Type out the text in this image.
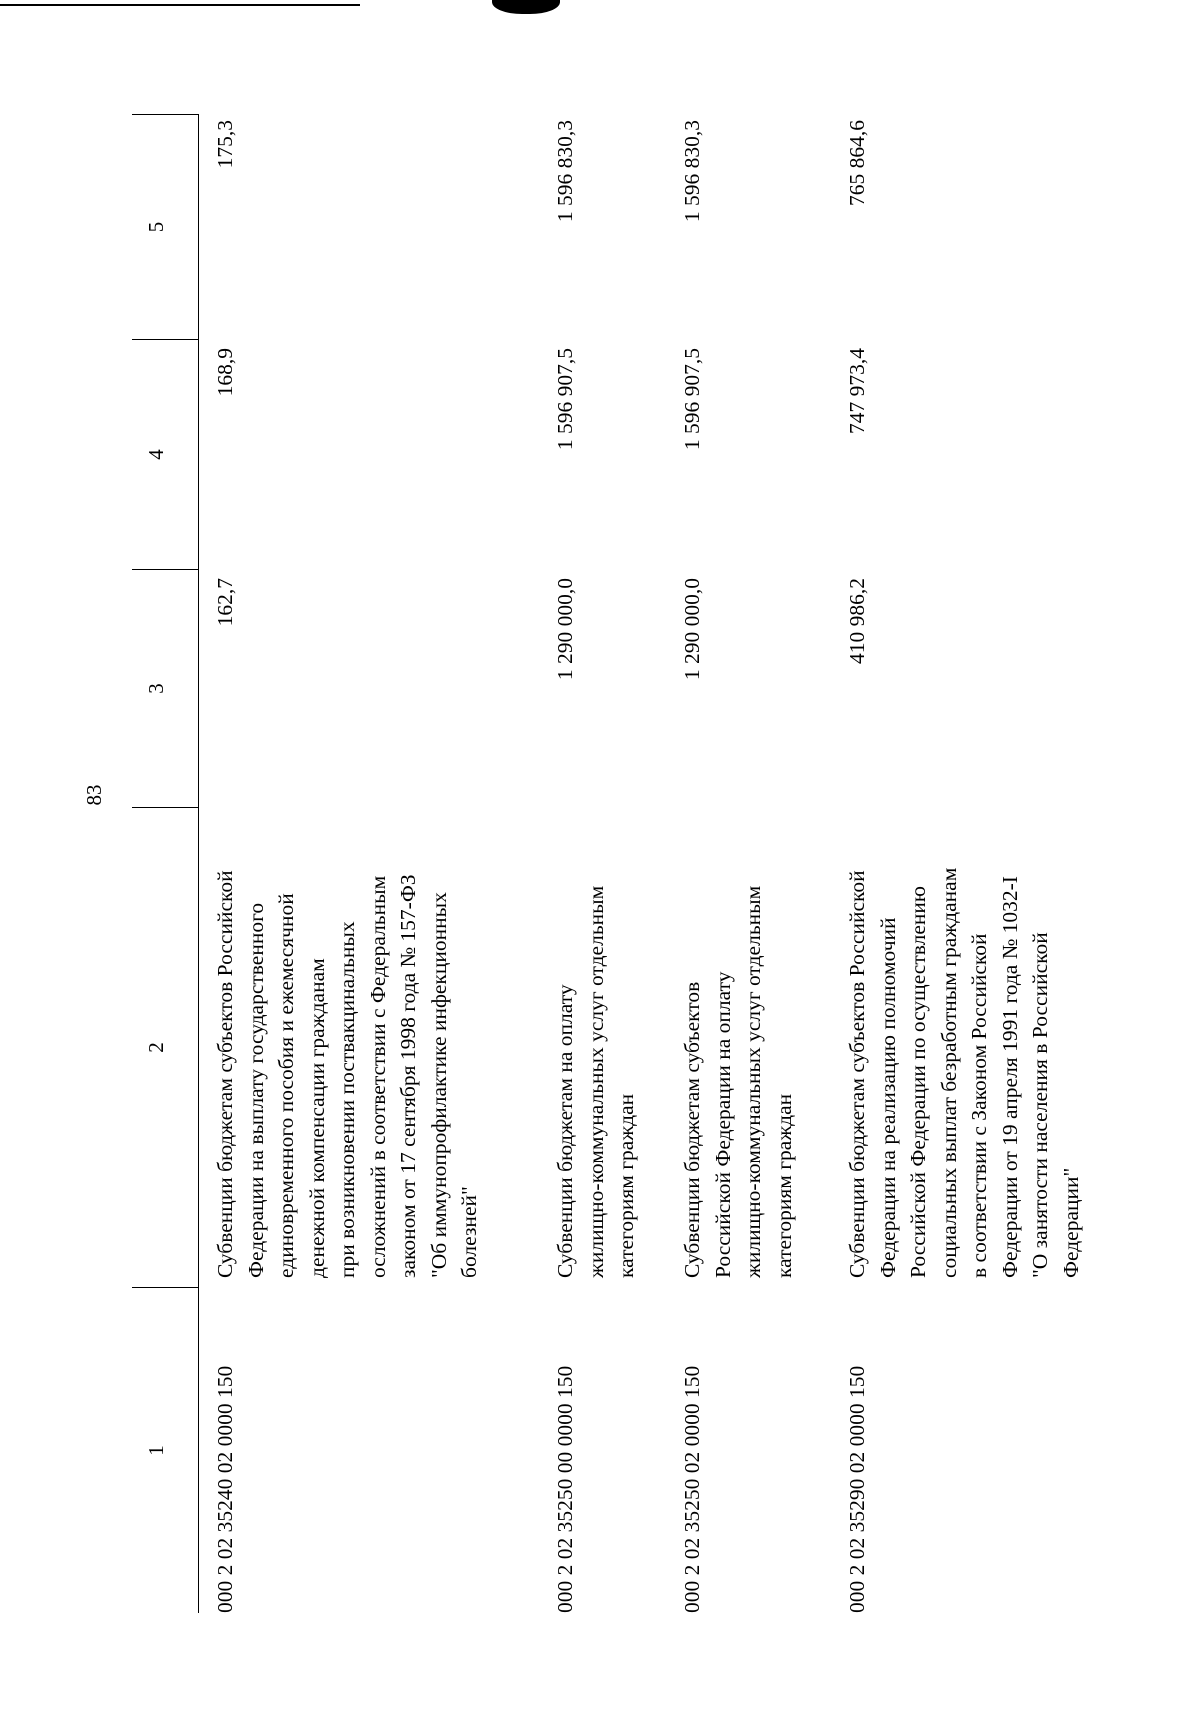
83
1
2
3
4
5
000 2 02 35240 02 0000 150
Субвенции бюджетам субъектов Российской Федерации на выплату государственного единовременного пособия и ежемесячной денежной компенсации гражданам при возникновении поствакцинальных осложнений в соответствии с Федеральным законом от 17 сентября 1998 года № 157-ФЗ "Об иммунопрофилактике инфекционных болезней"
162,7
168,9
175,3
000 2 02 35250 00 0000 150
Субвенции бюджетам на оплату жилищно-коммунальных услуг отдельным категориям граждан
1 290 000,0
1 596 907,5
1 596 830,3
000 2 02 35250 02 0000 150
Субвенции бюджетам субъектов Российской Федерации на оплату жилищно-коммунальных услуг отдельным категориям граждан
1 290 000,0
1 596 907,5
1 596 830,3
000 2 02 35290 02 0000 150
Субвенции бюджетам субъектов Российской Федерации на реализацию полномочий Российской Федерации по осуществлению социальных выплат безработным гражданам в соответствии с Законом Российской Федерации от 19 апреля 1991 года № 1032-I "О занятости населения в Российской Федерации"
410 986,2
747 973,4
765 864,6
